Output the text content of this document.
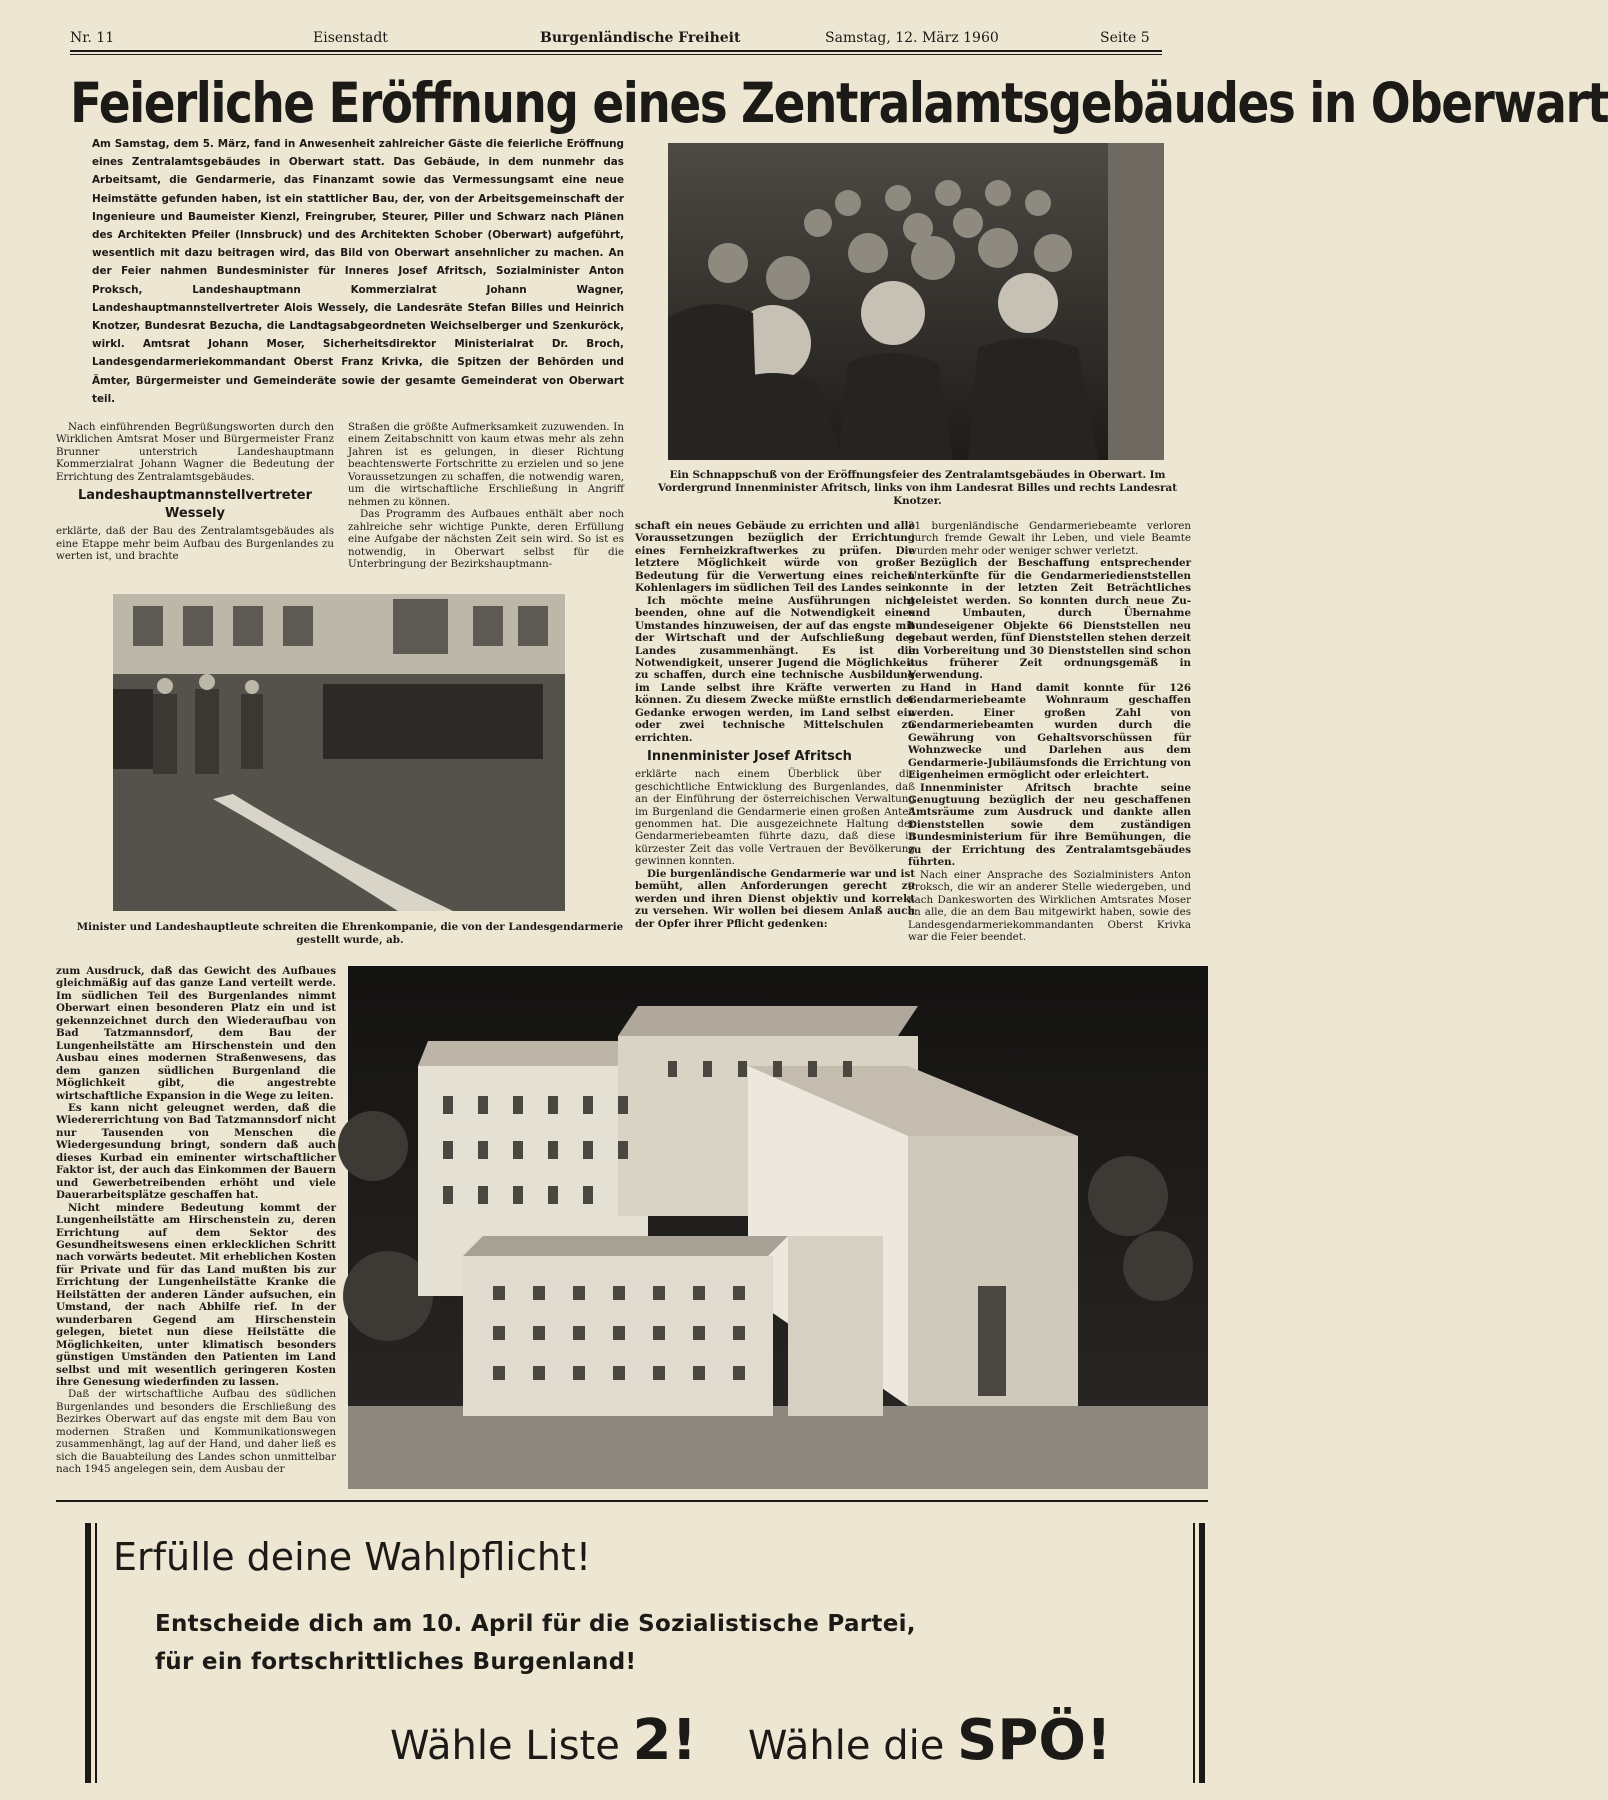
Nr. 11	Eisenstadt	Burgenländische Freiheit	Samstag, 12. März 1960	Seite 5
Feierliche Eröffnung eines Zentralamtsgebäudes in Oberwart

Am Samstag, dem 5. März, fand in Anwesenheit zahlreicher Gäste die feierliche Eröffnung eines Zentralamtsgebäudes in Oberwart statt. Das Gebäude, in dem nunmehr das Arbeitsamt, die Gendarmerie, das Finanzamt sowie das Vermessungsamt eine neue Heimstätte gefunden haben, ist ein stattlicher Bau, der, von der Arbeitsgemeinschaft der Ingenieure und Baumeister Kienzl, Freingruber, Steurer, Piller und Schwarz nach Plänen des Architekten Pfeiler (Innsbruck) und des Architekten Schober (Oberwart) aufgeführt, wesentlich mit dazu beitragen wird, das Bild von Oberwart ansehnlicher zu machen. An der Feier nahmen Bundesminister für Inneres Josef Afritsch, Sozialminister Anton Proksch, Landeshauptmann Kommerzialrat Johann Wagner, Landeshauptmannstellvertreter Alois Wessely, die Landesräte Stefan Billes und Heinrich Knotzer, Bundesrat Bezucha, die Landtagsabgeordneten Weichselberger und Szenkuröck, wirkl. Amtsrat Johann Moser, Sicherheitsdirektor Ministerialrat Dr. Broch, Landesgendarmeriekommandant Oberst Franz Krivka, die Spitzen der Behörden und Ämter, Bürgermeister und Gemeinderäte sowie der gesamte Gemeinderat von Oberwart teil.

Ein Schnappschuß von der Eröffnungsfeier des Zentralamtsgebäudes in Oberwart. Im Vordergrund Innenminister Afritsch, links von ihm Landesrat Billes und rechts Landesrat Knotzer.

Nach einführenden Begrüßungsworten durch den Wirklichen Amtsrat Moser und Bürgermeister Franz Brunner unterstrich Landeshauptmann Kommerzialrat Johann Wagner die Bedeutung der Errichtung des Zentralamtsgebäudes.

Landeshauptmannstellvertreter Wessely

erklärte, daß der Bau des Zentralamtsgebäudes als eine Etappe mehr beim Aufbau des Burgenlandes zu werten ist, und brachte

Straßen die größte Aufmerksamkeit zuzuwenden. In einem Zeitabschnitt von kaum etwas mehr als zehn Jahren ist es gelungen, in dieser Richtung beachtenswerte Fortschritte zu erzielen und so jene Voraussetzungen zu schaffen, die notwendig waren, um die wirtschaftliche Erschließung in Angriff nehmen zu können.

Das Programm des Aufbaues enthält aber noch zahlreiche sehr wichtige Punkte, deren Erfüllung eine Aufgabe der nächsten Zeit sein wird. So ist es notwendig, in Oberwart selbst für die Unterbringung der Bezirkshauptmann-

Minister und Landeshauptleute schreiten die Ehrenkompanie, die von der Landesgendarmerie gestellt wurde, ab.

schaft ein neues Gebäude zu errichten und alle Voraussetzungen bezüglich der Errichtung eines Fernheizkraftwerkes zu prüfen. Die letztere Möglichkeit würde von großer Bedeutung für die Verwertung eines reichen Kohlenlagers im südlichen Teil des Landes sein.

Ich möchte meine Ausführungen nicht beenden, ohne auf die Notwendigkeit eines Umstandes hinzuweisen, der auf das engste mit der Wirtschaft und der Aufschließung des Landes zusammenhängt. Es ist die Notwendigkeit, unserer Jugend die Möglichkeit zu schaffen, durch eine technische Ausbildung im Lande selbst ihre Kräfte verwerten zu können. Zu diesem Zwecke müßte ernstlich der Gedanke erwogen werden, im Land selbst ein oder zwei technische Mittelschulen zu errichten.

Innenminister Josef Afritsch

erklärte nach einem Überblick über die geschichtliche Entwicklung des Burgenlandes, daß an der Einführung der österreichischen Verwaltung im Burgenland die Gendarmerie einen großen Anteil genommen hat. Die ausgezeichnete Haltung der Gendarmeriebeamten führte dazu, daß diese in kürzester Zeit das volle Vertrauen der Bevölkerung gewinnen konnten.

Die burgenländische Gendarmerie war und ist bemüht, allen Anforderungen gerecht zu werden und ihren Dienst objektiv und korrekt zu versehen. Wir wollen bei diesem Anlaß auch der Opfer ihrer Pflicht gedenken:

31 burgenländische Gendarmeriebeamte verloren durch fremde Gewalt ihr Leben, und viele Beamte wurden mehr oder weniger schwer verletzt.

Bezüglich der Beschaffung entsprechender Unterkünfte für die Gendarmeriedienststellen konnte in der letzten Zeit Beträchtliches geleistet werden. So konnten durch neue Zu- und Umbauten, durch Übernahme bundeseigener Objekte 66 Dienststellen neu gebaut werden, fünf Dienststellen stehen derzeit in Vorbereitung und 30 Dienststellen sind schon aus früherer Zeit ordnungsgemäß in Verwendung.

Hand in Hand damit konnte für 126 Gendarmeriebeamte Wohnraum geschaffen werden. Einer großen Zahl von Gendarmeriebeamten wurden durch die Gewährung von Gehaltsvorschüssen für Wohnzwecke und Darlehen aus dem Gendarmerie-Jubiläumsfonds die Errichtung von Eigenheimen ermöglicht oder erleichtert.

Innenminister Afritsch brachte seine Genugtuung bezüglich der neu geschaffenen Amtsräume zum Ausdruck und dankte allen Dienststellen sowie dem zuständigen Bundesministerium für ihre Bemühungen, die zu der Errichtung des Zentralamtsgebäudes führten.

Nach einer Ansprache des Sozialministers Anton Proksch, die wir an anderer Stelle wiedergeben, und nach Dankesworten des Wirklichen Amtsrates Moser an alle, die an dem Bau mitgewirkt haben, sowie des Landesgendarmeriekommandanten Oberst Krivka war die Feier beendet.

zum Ausdruck, daß das Gewicht des Aufbaues gleichmäßig auf das ganze Land verteilt werde. Im südlichen Teil des Burgenlandes nimmt Oberwart einen besonderen Platz ein und ist gekennzeichnet durch den Wiederaufbau von Bad Tatzmannsdorf, dem Bau der Lungenheilstätte am Hirschenstein und den Ausbau eines modernen Straßenwesens, das dem ganzen südlichen Burgenland die Möglichkeit gibt, die angestrebte wirtschaftliche Expansion in die Wege zu leiten.

Es kann nicht geleugnet werden, daß die Wiedererrichtung von Bad Tatzmannsdorf nicht nur Tausenden von Menschen die Wiedergesundung bringt, sondern daß auch dieses Kurbad ein eminenter wirtschaftlicher Faktor ist, der auch das Einkommen der Bauern und Gewerbetreibenden erhöht und viele Dauerarbeitsplätze geschaffen hat.

Nicht mindere Bedeutung kommt der Lungenheilstätte am Hirschenstein zu, deren Errichtung auf dem Sektor des Gesundheitswesens einen erklecklichen Schritt nach vorwärts bedeutet. Mit erheblichen Kosten für Private und für das Land mußten bis zur Errichtung der Lungenheilstätte Kranke die Heilstätten der anderen Länder aufsuchen, ein Umstand, der nach Abhilfe rief. In der wunderbaren Gegend am Hirschenstein gelegen, bietet nun diese Heilstätte die Möglichkeiten, unter klimatisch besonders günstigen Umständen den Patienten im Land selbst und mit wesentlich geringeren Kosten ihre Genesung wiederfinden zu lassen.

Daß der wirtschaftliche Aufbau des südlichen Burgenlandes und besonders die Erschließung des Bezirkes Oberwart auf das engste mit dem Bau von modernen Straßen und Kommunikationswegen zusammenhängt, lag auf der Hand, und daher ließ es sich die Bauabteilung des Landes schon unmittelbar nach 1945 angelegen sein, dem Ausbau der

Erfülle deine Wahlpflicht!
Entscheide dich am 10. April für die Sozialistische Partei,
für ein fortschrittliches Burgenland!
Wähle Liste 2! Wähle die SPÖ!
